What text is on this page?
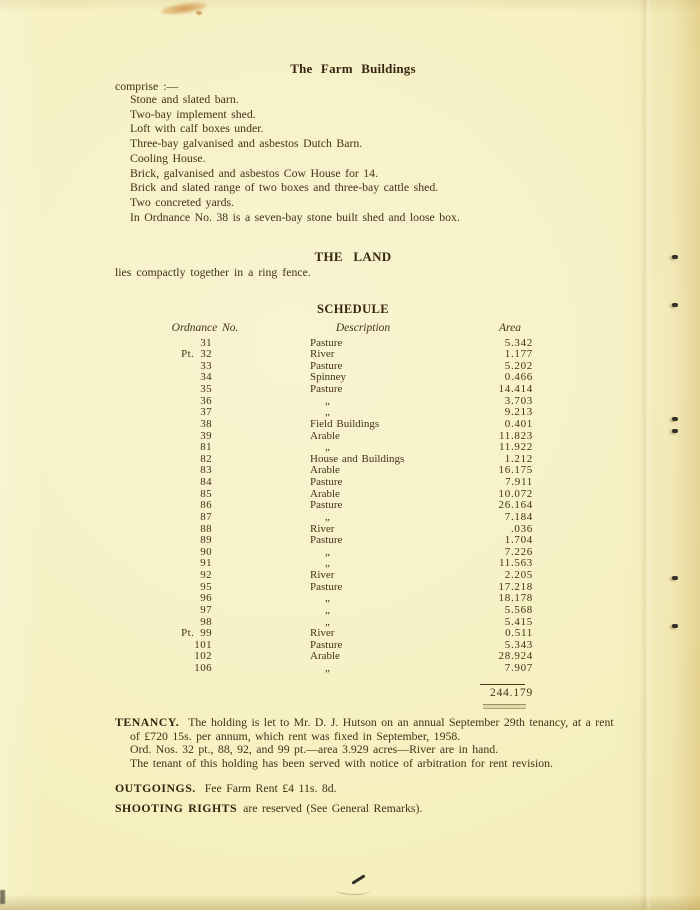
The Farm Buildings
comprise :—
Stone and slated barn.
Two-bay implement shed.
Loft with calf boxes under.
Three-bay galvanised and asbestos Dutch Barn.
Cooling House.
Brick, galvanised and asbestos Cow House for 14.
Brick and slated range of two boxes and three-bay cattle shed.
Two concreted yards.
In Ordnance No. 38 is a seven-bay stone built shed and loose box.
THE LAND
lies compactly together in a ring fence.
SCHEDULE
Ordnance No.	Description	Area
31	Pasture	5.342
Pt. 32	River	1.177
33	Pasture	5.202
34	Spinney	0.466
35	Pasture	14.414
36	„	3.703
37	„	9.213
38	Field Buildings	0.401
39	Arable	11.823
81	„	11.922
82	House and Buildings	1.212
83	Arable	16.175
84	Pasture	7.911
85	Arable	10.072
86	Pasture	26.164
87	„	7.184
88	River	.036
89	Pasture	1.704
90	„	7.226
91	„	11.563
92	River	2.205
95	Pasture	17.218
96	„	18.178
97	„	5.568
98	„	5.415
Pt. 99	River	0.511
101	Pasture	5.343
102	Arable	28.924
106	„	7.907
244.179
TENANCY. The holding is let to Mr. D. J. Hutson on an annual September 29th tenancy, at a rent
of £720 15s. per annum, which rent was fixed in September, 1958.
Ord. Nos. 32 pt., 88, 92, and 99 pt.—area 3.929 acres—River are in hand.
The tenant of this holding has been served with notice of arbitration for rent revision.
OUTGOINGS. Fee Farm Rent £4 11s. 8d.
SHOOTING RIGHTS are reserved (See General Remarks).
